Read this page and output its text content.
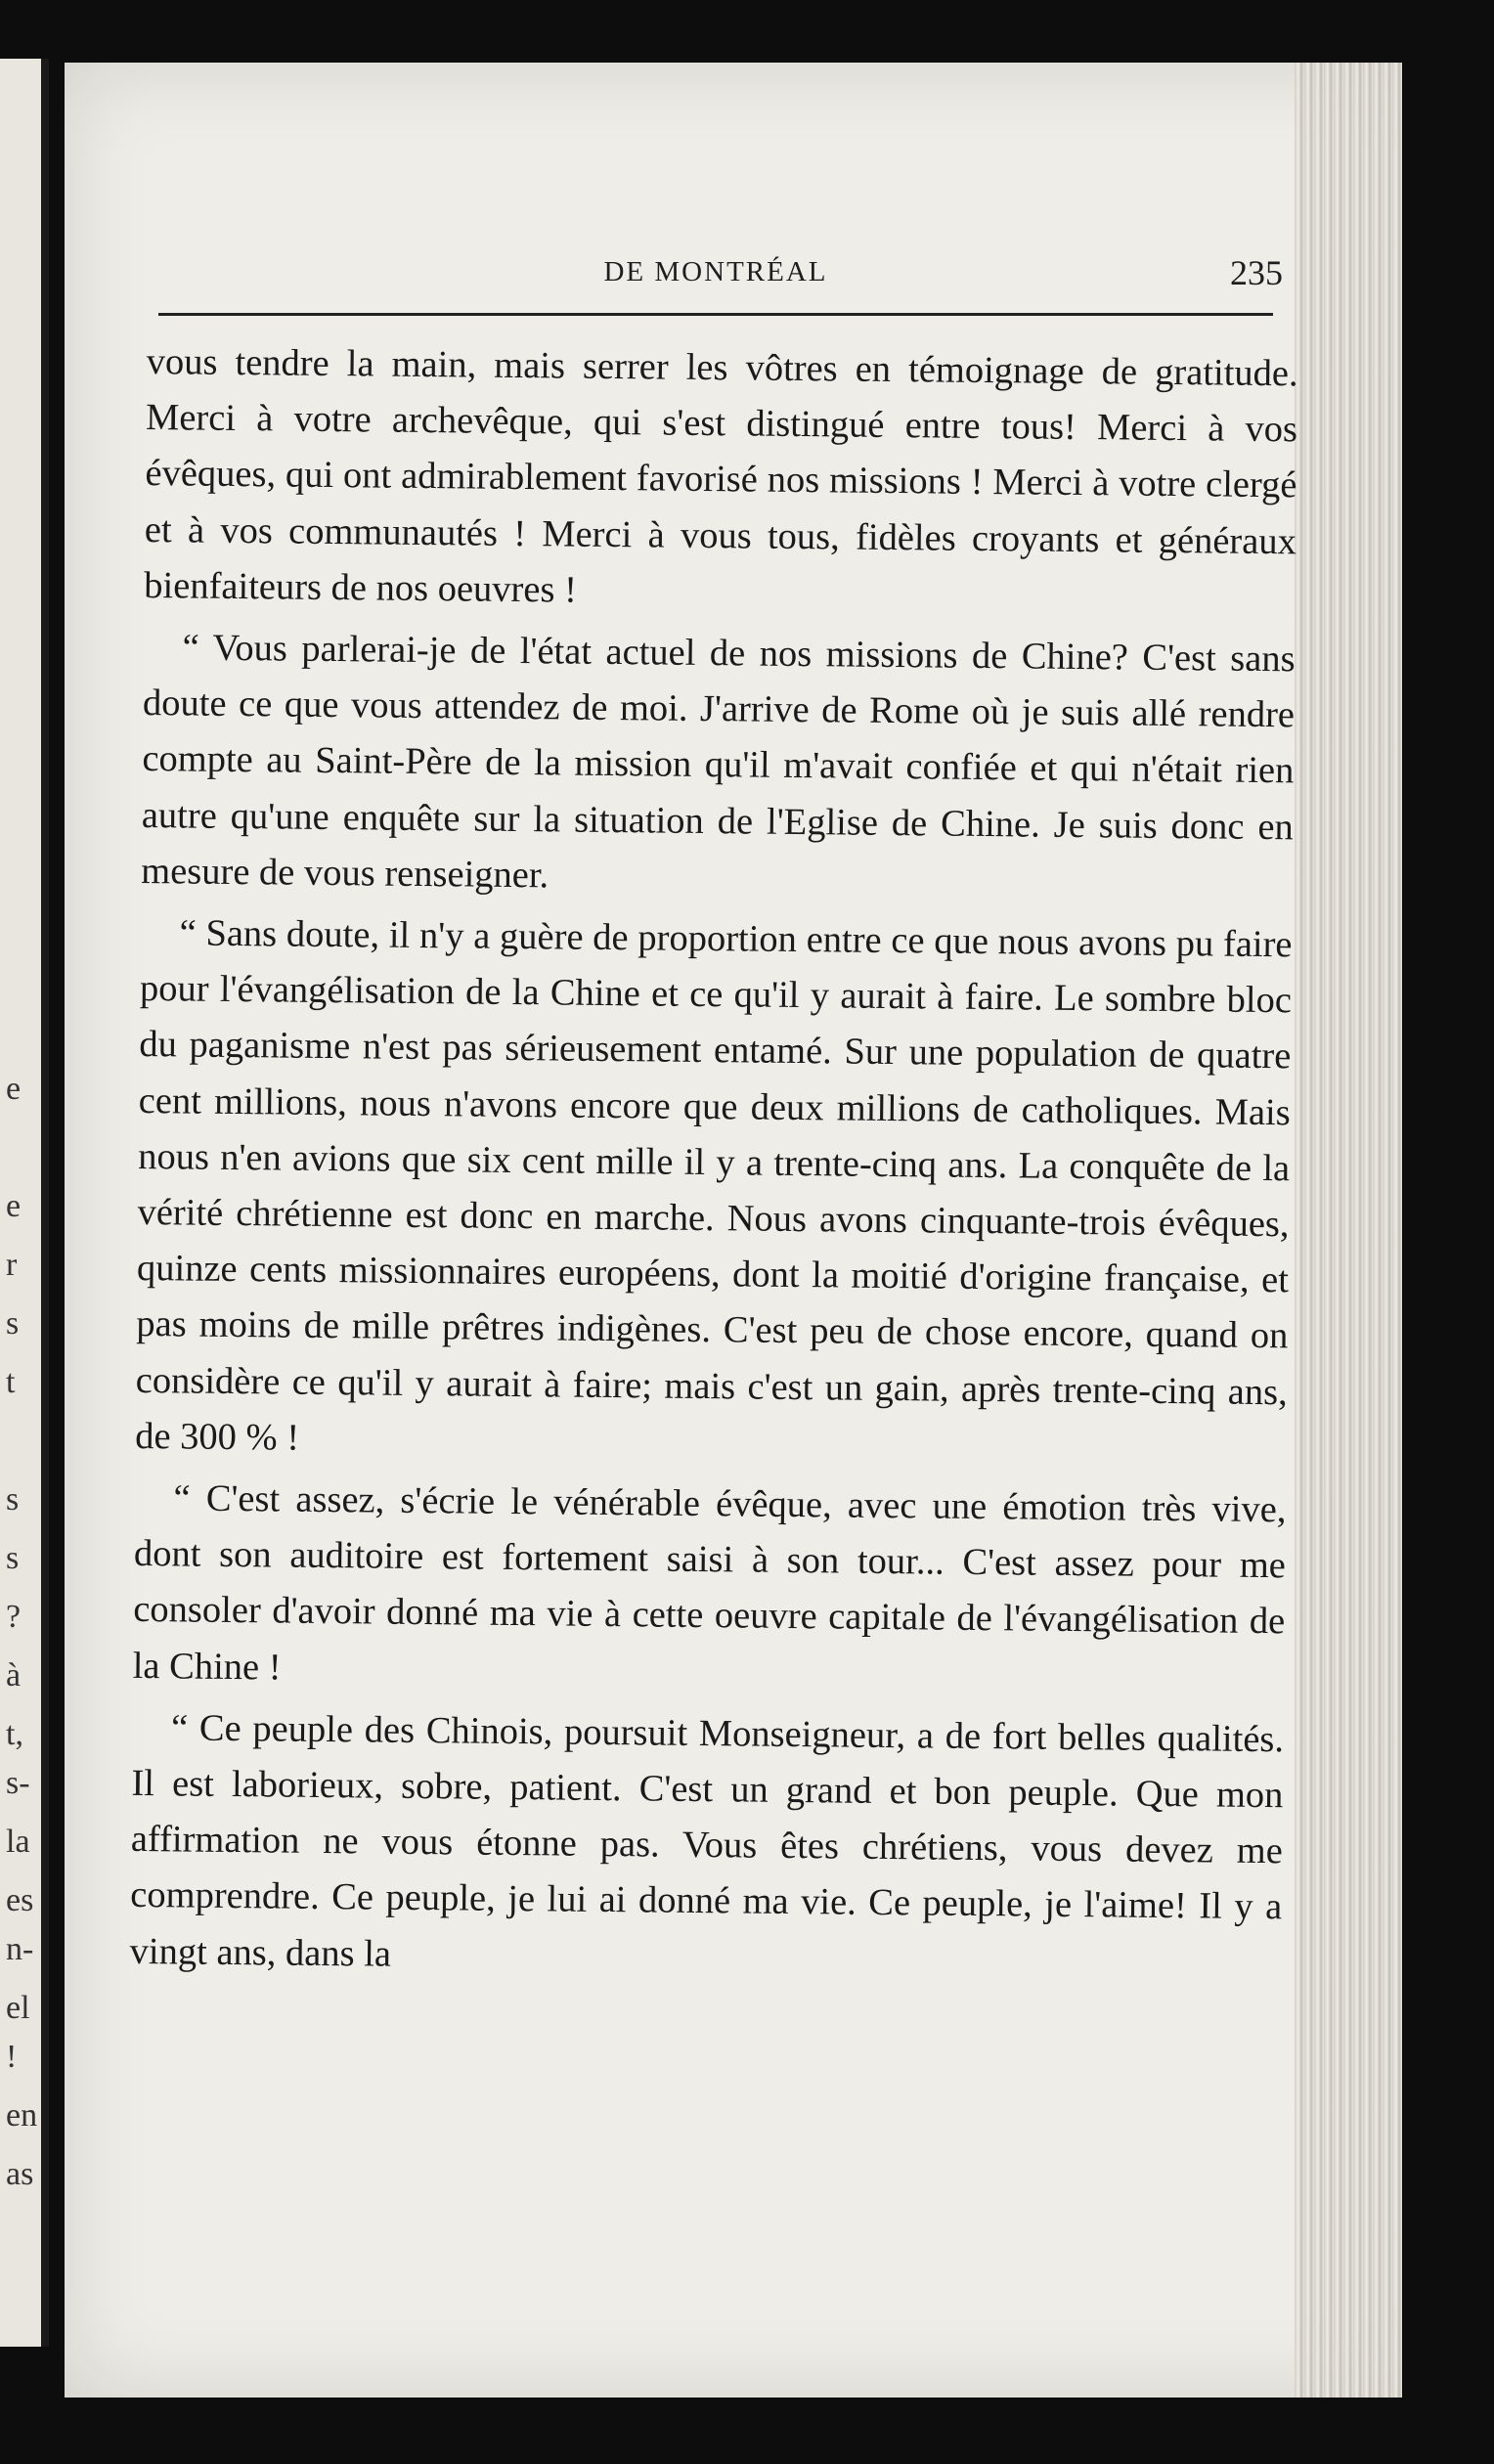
e
e
r
s
t
s
s
?
à
t,
s-
la
es
n-
el
!
en
as
DE MONTRÉAL	235

vous tendre la main, mais serrer les vôtres en témoignage de gratitude. Merci à votre archevêque, qui s'est distingué entre tous! Merci à vos évêques, qui ont admirablement favorisé nos missions ! Merci à votre clergé et à vos communautés ! Merci à vous tous, fidèles croyants et généraux bienfaiteurs de nos oeuvres !

“ Vous parlerai-je de l'état actuel de nos missions de Chine? C'est sans doute ce que vous attendez de moi. J'arrive de Rome où je suis allé rendre compte au Saint-Père de la mission qu'il m'avait confiée et qui n'était rien autre qu'une enquête sur la situation de l'Eglise de Chine. Je suis donc en mesure de vous renseigner.

“ Sans doute, il n'y a guère de proportion entre ce que nous avons pu faire pour l'évangélisation de la Chine et ce qu'il y aurait à faire. Le sombre bloc du paganisme n'est pas sérieusement entamé. Sur une population de quatre cent millions, nous n'avons encore que deux millions de catholiques. Mais nous n'en avions que six cent mille il y a trente-cinq ans. La conquête de la vérité chrétienne est donc en marche. Nous avons cinquante-trois évêques, quinze cents missionnaires européens, dont la moitié d'origine française, et pas moins de mille prêtres indigènes. C'est peu de chose encore, quand on considère ce qu'il y aurait à faire; mais c'est un gain, après trente-cinq ans, de 300 % !

“ C'est assez, s'écrie le vénérable évêque, avec une émotion très vive, dont son auditoire est fortement saisi à son tour... C'est assez pour me consoler d'avoir donné ma vie à cette oeuvre capitale de l'évangélisation de la Chine !

“ Ce peuple des Chinois, poursuit Monseigneur, a de fort belles qualités. Il est laborieux, sobre, patient. C'est un grand et bon peuple. Que mon affirmation ne vous étonne pas. Vous êtes chrétiens, vous devez me comprendre. Ce peuple, je lui ai donné ma vie. Ce peuple, je l'aime! Il y a vingt ans, dans la
